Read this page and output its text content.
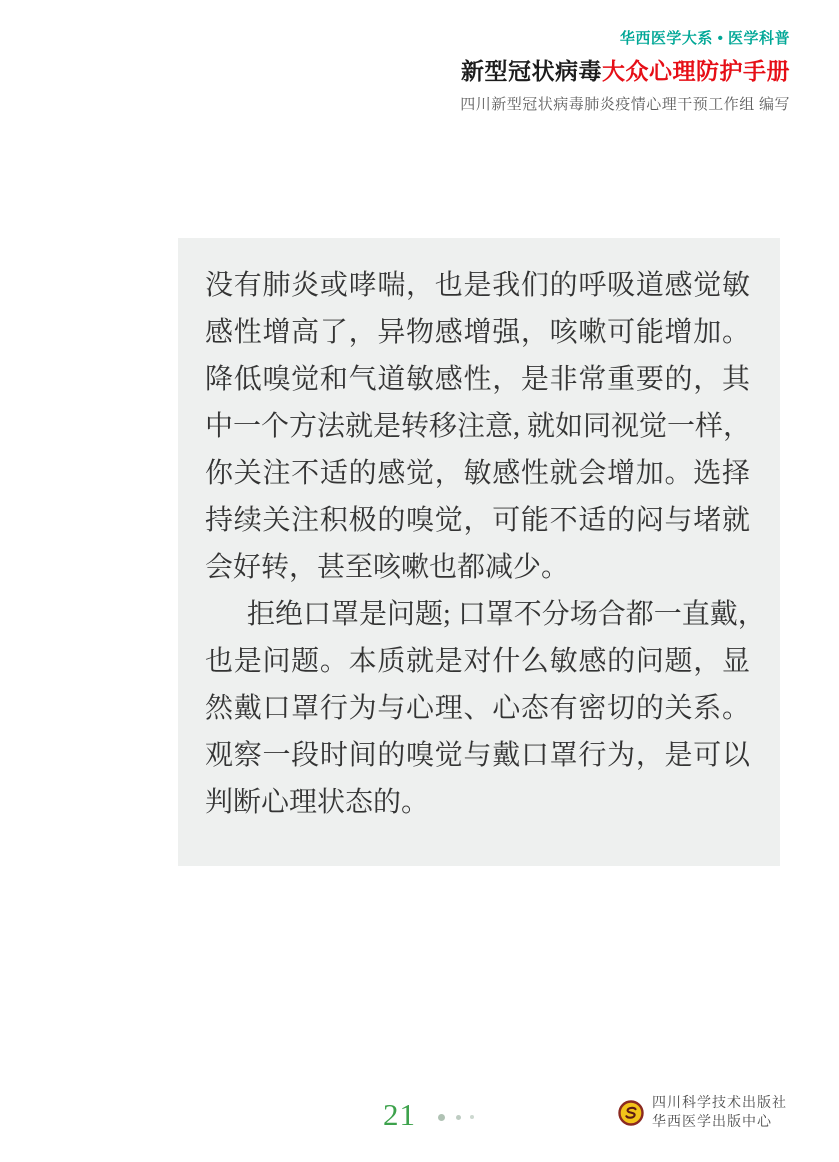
华西医学大系 • 医学科普
新型冠状病毒大众心理防护手册
四川新型冠状病毒肺炎疫情心理干预工作组 编写
没有肺炎或哮喘，也是我们的呼吸道感觉敏
感性增高了，异物感增强，咳嗽可能增加。
降低嗅觉和气道敏感性，是非常重要的，其
中一个方法就是转移注意, 就如同视觉一样，
你关注不适的感觉，敏感性就会增加。选择
持续关注积极的嗅觉，可能不适的闷与堵就
会好转，甚至咳嗽也都减少。
拒绝口罩是问题; 口罩不分场合都一直戴，
也是问题。本质就是对什么敏感的问题，显
然戴口罩行为与心理、心态有密切的关系。
观察一段时间的嗅觉与戴口罩行为，是可以
判断心理状态的。
21	四川科学技术出版社
华西医学出版中心
